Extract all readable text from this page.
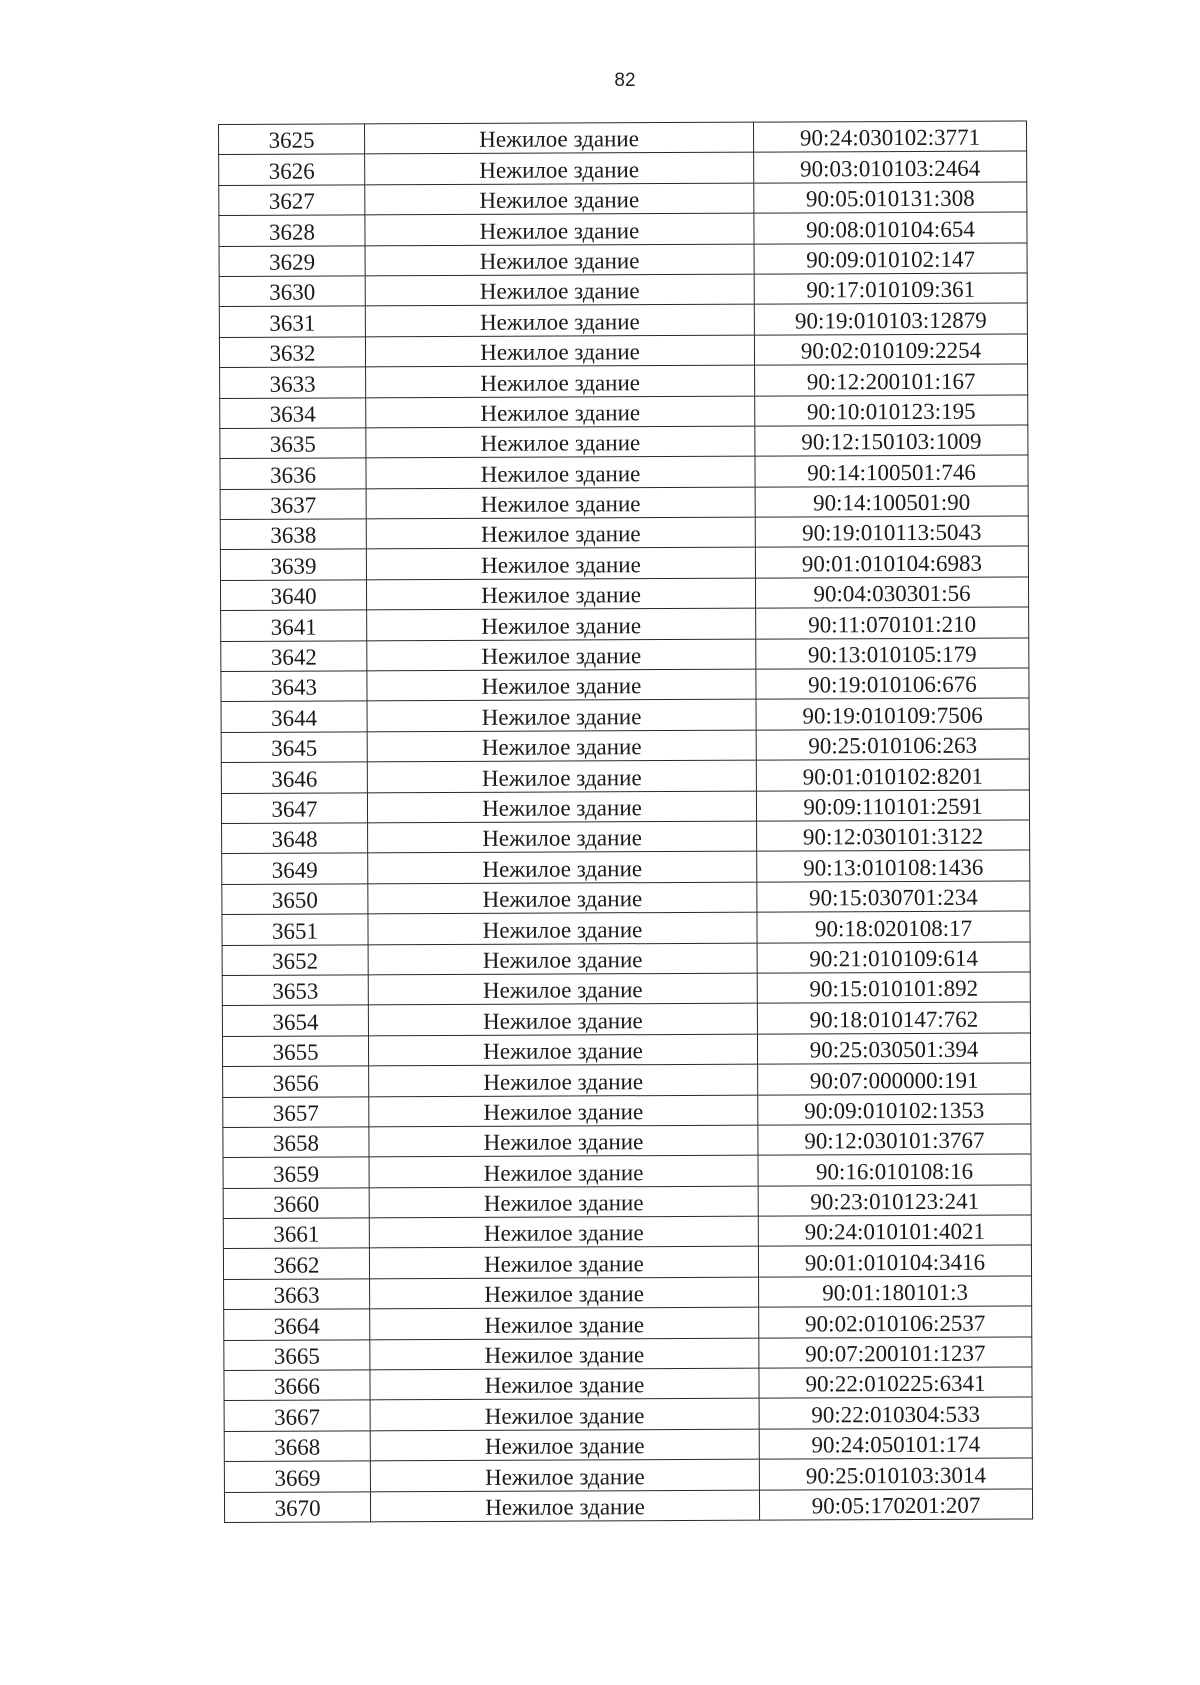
82
3625	Нежилое здание	90:24:030102:3771
3626	Нежилое здание	90:03:010103:2464
3627	Нежилое здание	90:05:010131:308
3628	Нежилое здание	90:08:010104:654
3629	Нежилое здание	90:09:010102:147
3630	Нежилое здание	90:17:010109:361
3631	Нежилое здание	90:19:010103:12879
3632	Нежилое здание	90:02:010109:2254
3633	Нежилое здание	90:12:200101:167
3634	Нежилое здание	90:10:010123:195
3635	Нежилое здание	90:12:150103:1009
3636	Нежилое здание	90:14:100501:746
3637	Нежилое здание	90:14:100501:90
3638	Нежилое здание	90:19:010113:5043
3639	Нежилое здание	90:01:010104:6983
3640	Нежилое здание	90:04:030301:56
3641	Нежилое здание	90:11:070101:210
3642	Нежилое здание	90:13:010105:179
3643	Нежилое здание	90:19:010106:676
3644	Нежилое здание	90:19:010109:7506
3645	Нежилое здание	90:25:010106:263
3646	Нежилое здание	90:01:010102:8201
3647	Нежилое здание	90:09:110101:2591
3648	Нежилое здание	90:12:030101:3122
3649	Нежилое здание	90:13:010108:1436
3650	Нежилое здание	90:15:030701:234
3651	Нежилое здание	90:18:020108:17
3652	Нежилое здание	90:21:010109:614
3653	Нежилое здание	90:15:010101:892
3654	Нежилое здание	90:18:010147:762
3655	Нежилое здание	90:25:030501:394
3656	Нежилое здание	90:07:000000:191
3657	Нежилое здание	90:09:010102:1353
3658	Нежилое здание	90:12:030101:3767
3659	Нежилое здание	90:16:010108:16
3660	Нежилое здание	90:23:010123:241
3661	Нежилое здание	90:24:010101:4021
3662	Нежилое здание	90:01:010104:3416
3663	Нежилое здание	90:01:180101:3
3664	Нежилое здание	90:02:010106:2537
3665	Нежилое здание	90:07:200101:1237
3666	Нежилое здание	90:22:010225:6341
3667	Нежилое здание	90:22:010304:533
3668	Нежилое здание	90:24:050101:174
3669	Нежилое здание	90:25:010103:3014
3670	Нежилое здание	90:05:170201:207
